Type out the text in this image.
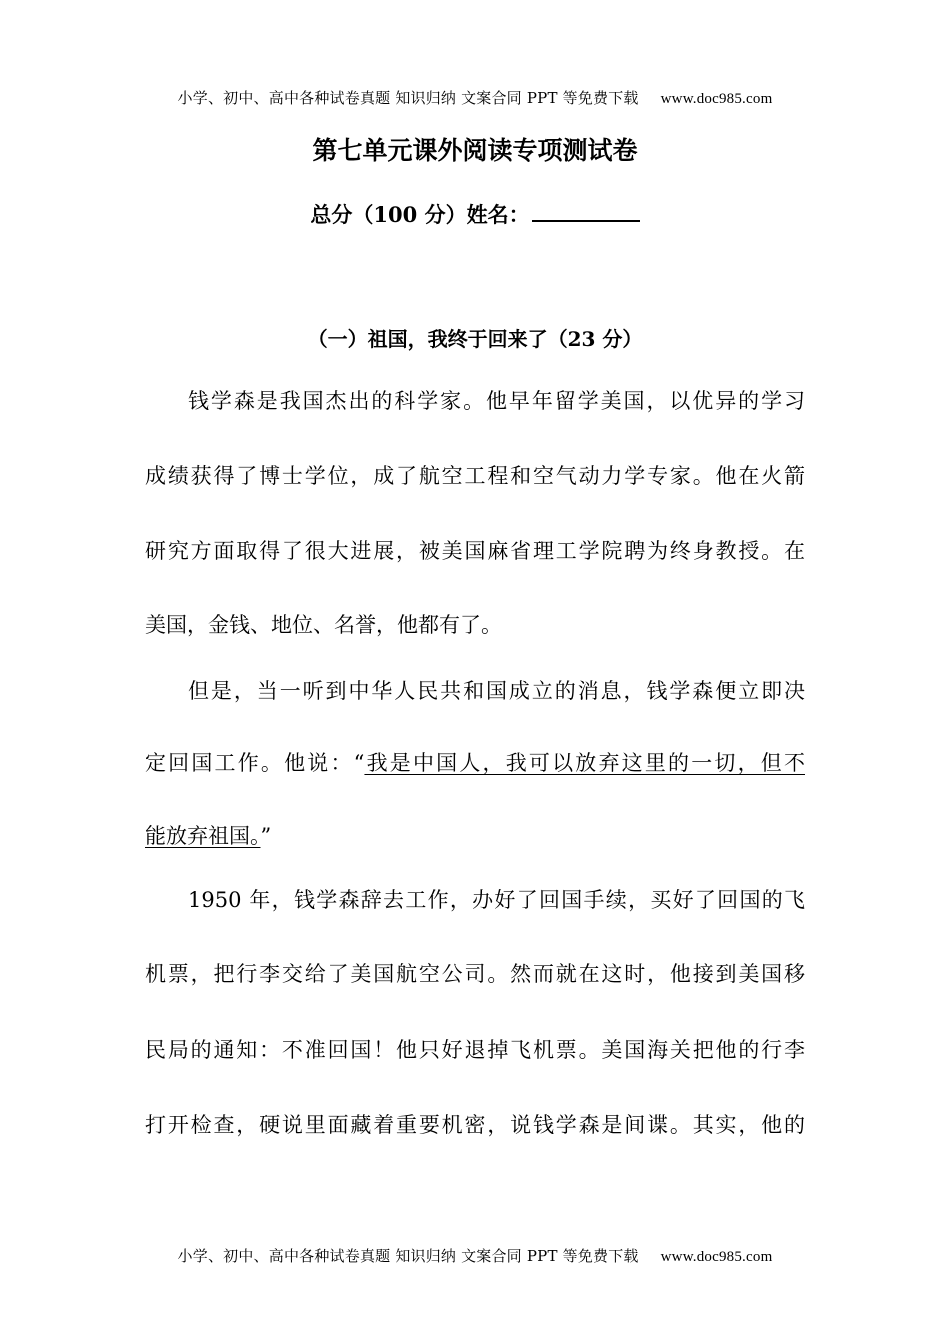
小学、初中、高中各种试卷真题 知识归纳 文案合同 PPT 等免费下载 www.doc985.com
第七单元课外阅读专项测试卷
总分（100 分）姓名：
（一）祖国，我终于回来了（23 分）
钱学森是我国杰出的科学家。他早年留学美国，以优异的学习
成绩获得了博士学位，成了航空工程和空气动力学专家。他在火箭
研究方面取得了很大进展，被美国麻省理工学院聘为终身教授。在
美国，金钱、地位、名誉，他都有了。
但是，当一听到中华人民共和国成立的消息，钱学森便立即决
定回国工作。他说：“我是中国人，我可以放弃这里的一切，但不
能放弃祖国。”
1950 年，钱学森辞去工作，办好了回国手续，买好了回国的飞
机票，把行李交给了美国航空公司。然而就在这时，他接到美国移
民局的通知：不准回国！他只好退掉飞机票。美国海关把他的行李
打开检查，硬说里面藏着重要机密，说钱学森是间谍。其实，他的
小学、初中、高中各种试卷真题 知识归纳 文案合同 PPT 等免费下载 www.doc985.com
